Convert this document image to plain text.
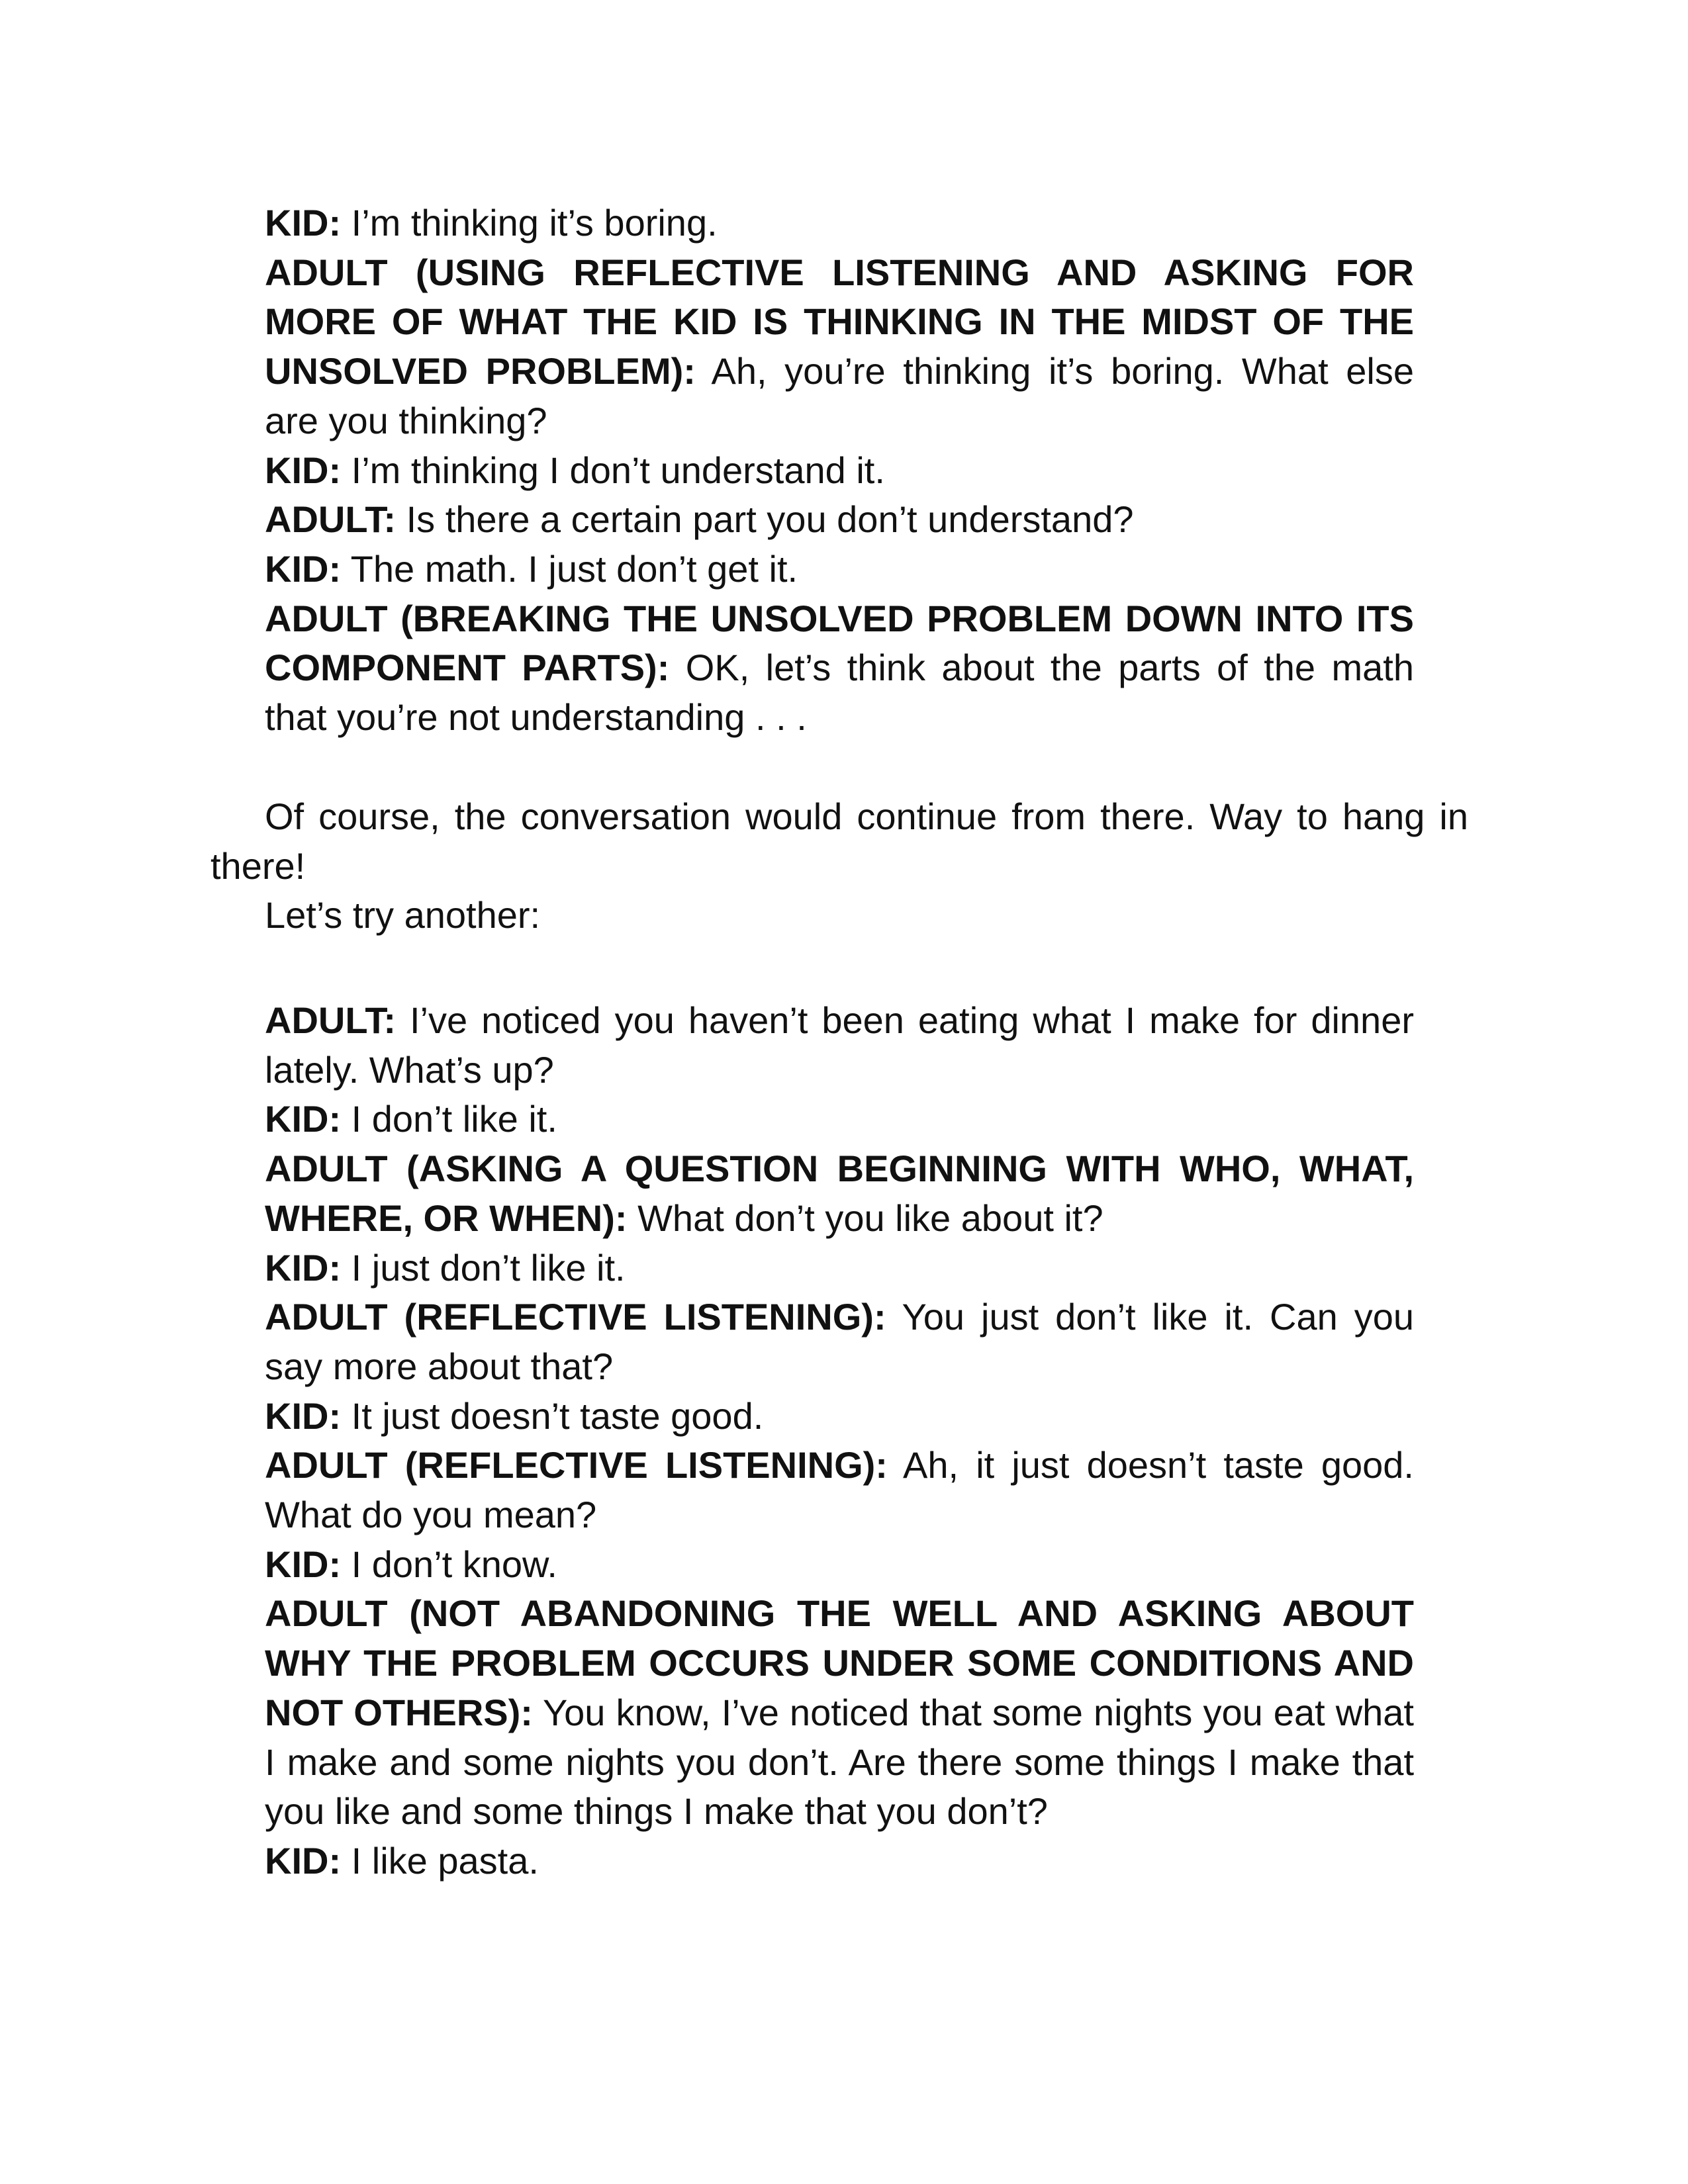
KID: I’m thinking it’s boring.

ADULT (USING REFLECTIVE LISTENING AND ASKING FOR MORE OF WHAT THE KID IS THINKING IN THE MIDST OF THE UNSOLVED PROBLEM): Ah, you’re thinking it’s boring. What else are you thinking?

KID: I’m thinking I don’t understand it.

ADULT: Is there a certain part you don’t understand?

KID: The math. I just don’t get it.

ADULT (BREAKING THE UNSOLVED PROBLEM DOWN INTO ITS COMPONENT PARTS): OK, let’s think about the parts of the math that you’re not understanding . . .

Of course, the conversation would continue from there. Way to hang in there!

Let’s try another:

ADULT: I’ve noticed you haven’t been eating what I make for dinner lately. What’s up?

KID: I don’t like it.

ADULT (ASKING A QUESTION BEGINNING WITH WHO, WHAT, WHERE, OR WHEN): What don’t you like about it?

KID: I just don’t like it.

ADULT (REFLECTIVE LISTENING): You just don’t like it. Can you say more about that?

KID: It just doesn’t taste good.

ADULT (REFLECTIVE LISTENING): Ah, it just doesn’t taste good. What do you mean?

KID: I don’t know.

ADULT (NOT ABANDONING THE WELL AND ASKING ABOUT WHY THE PROBLEM OCCURS UNDER SOME CONDITIONS AND NOT OTHERS): You know, I’ve noticed that some nights you eat what I make and some nights you don’t. Are there some things I make that you like and some things I make that you don’t?

KID: I like pasta.
